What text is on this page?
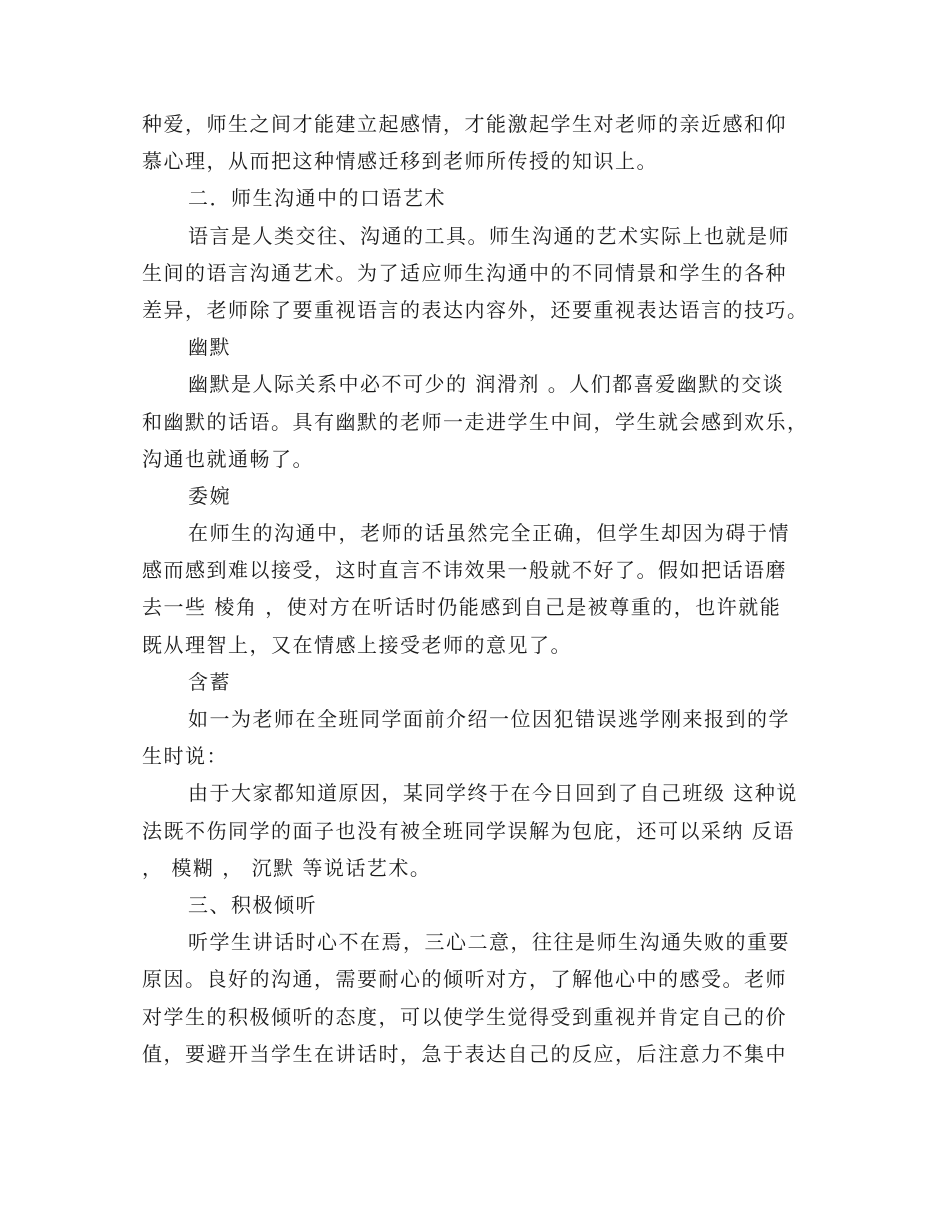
种爱，师生之间才能建立起感情，才能激起学生对老师的亲近感和仰
慕心理，从而把这种情感迁移到老师所传授的知识上。
二．师生沟通中的口语艺术
语言是人类交往、沟通的工具。师生沟通的艺术实际上也就是师
生间的语言沟通艺术。为了适应师生沟通中的不同情景和学生的各种
差异，老师除了要重视语言的表达内容外，还要重视表达语言的技巧。
幽默
幽默是人际关系中必不可少的 润滑剂 。人们都喜爱幽默的交谈
和幽默的话语。具有幽默的老师一走进学生中间，学生就会感到欢乐，
沟通也就通畅了。
委婉
在师生的沟通中，老师的话虽然完全正确，但学生却因为碍于情
感而感到难以接受，这时直言不讳效果一般就不好了。假如把话语磨
去一些 棱角 ，使对方在听话时仍能感到自己是被尊重的，也许就能
既从理智上，又在情感上接受老师的意见了。
含蓄
如一为老师在全班同学面前介绍一位因犯错误逃学刚来报到的学
生时说：
由于大家都知道原因，某同学终于在今日回到了自己班级 这种说
法既不伤同学的面子也没有被全班同学误解为包庇，还可以采纳 反语
， 模糊 ， 沉默 等说话艺术。
三、积极倾听
听学生讲话时心不在焉，三心二意，往往是师生沟通失败的重要
原因。良好的沟通，需要耐心的倾听对方，了解他心中的感受。老师
对学生的积极倾听的态度，可以使学生觉得受到重视并肯定自己的价
值，要避开当学生在讲话时，急于表达自己的反应，后注意力不集中
